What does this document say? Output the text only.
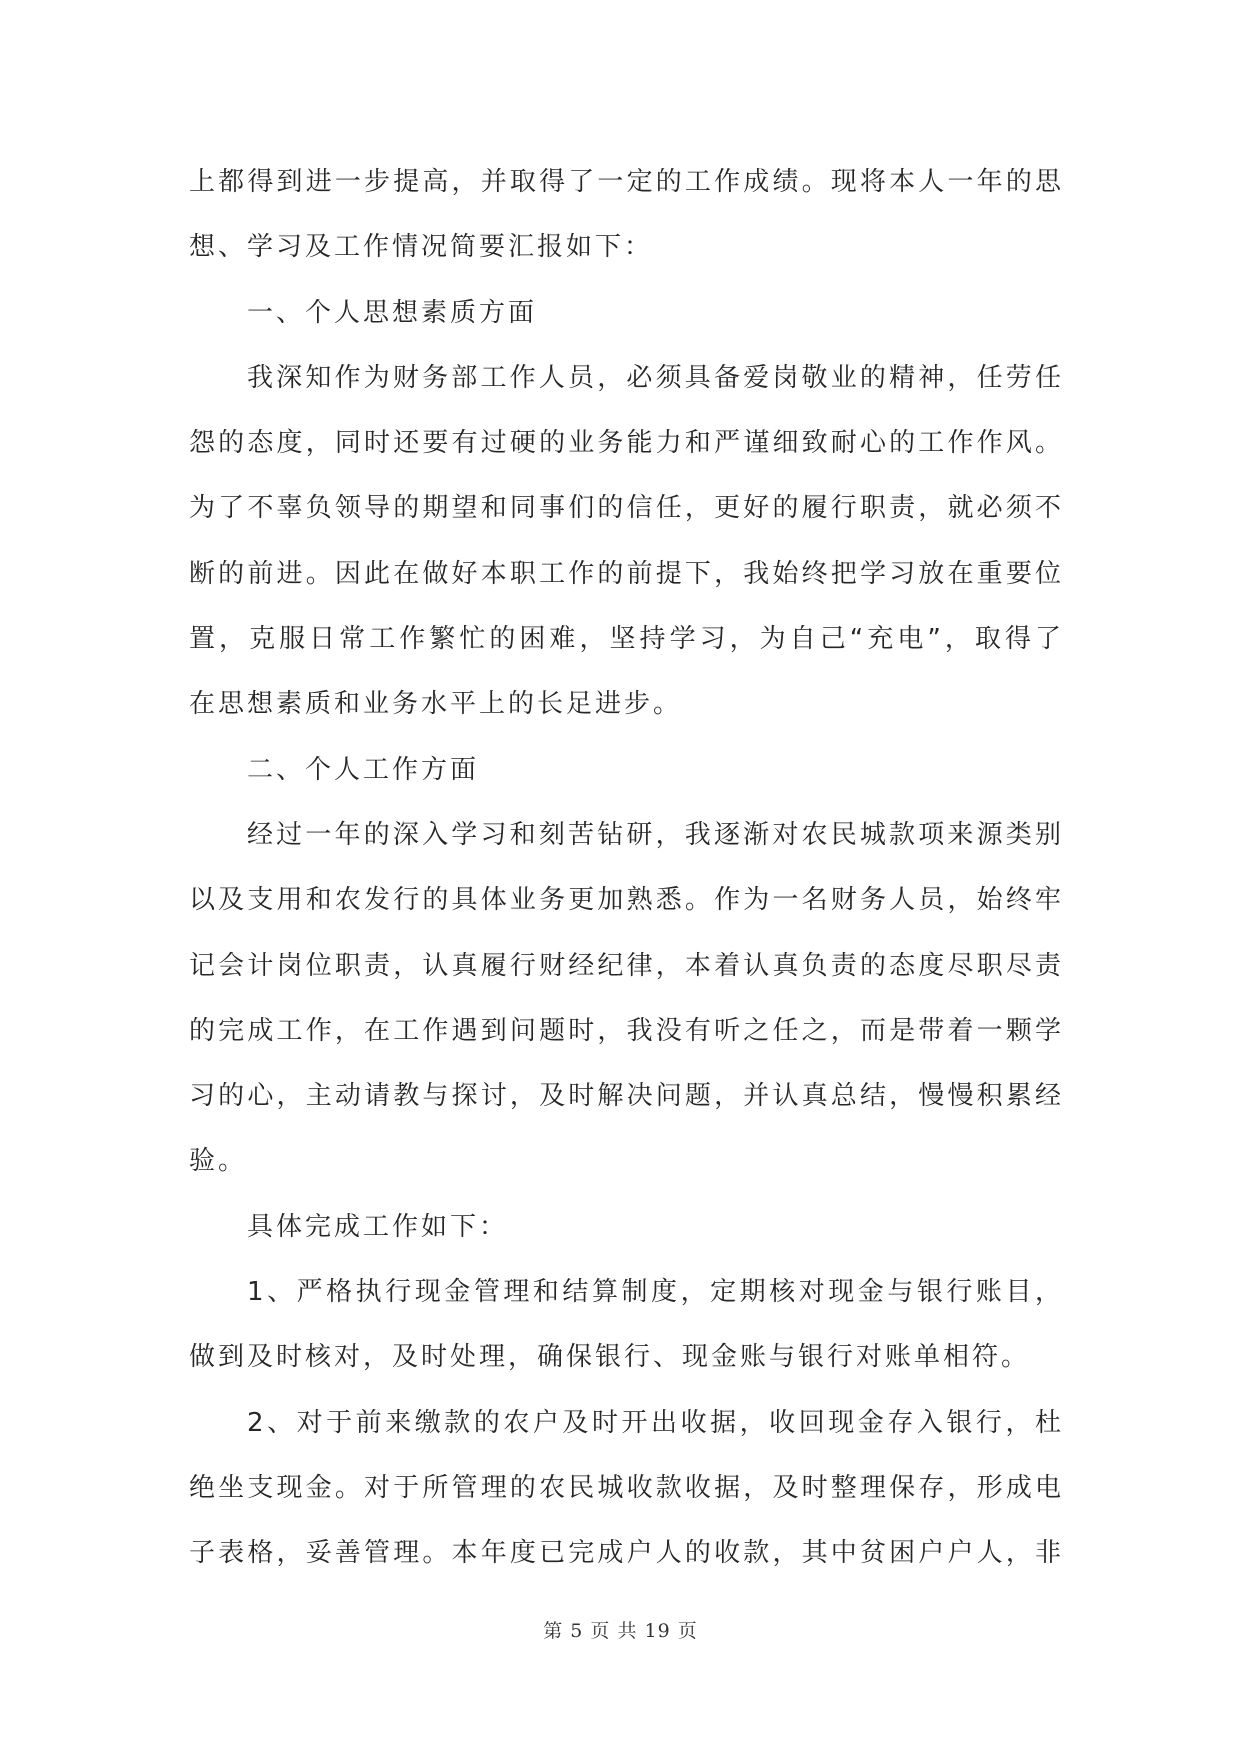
上都得到进一步提高，并取得了一定的工作成绩。现将本人一年的思
想、学习及工作情况简要汇报如下：
一、个人思想素质方面
我深知作为财务部工作人员，必须具备爱岗敬业的精神，任劳任
怨的态度，同时还要有过硬的业务能力和严谨细致耐心的工作作风。
为了不辜负领导的期望和同事们的信任，更好的履行职责，就必须不
断的前进。因此在做好本职工作的前提下，我始终把学习放在重要位
置，克服日常工作繁忙的困难，坚持学习，为自己“充电”，取得了
在思想素质和业务水平上的长足进步。
二、个人工作方面
经过一年的深入学习和刻苦钻研，我逐渐对农民城款项来源类别
以及支用和农发行的具体业务更加熟悉。作为一名财务人员，始终牢
记会计岗位职责，认真履行财经纪律，本着认真负责的态度尽职尽责
的完成工作，在工作遇到问题时，我没有听之任之，而是带着一颗学
习的心，主动请教与探讨，及时解决问题，并认真总结，慢慢积累经
验。
具体完成工作如下：
1、严格执行现金管理和结算制度，定期核对现金与银行账目，
做到及时核对，及时处理，确保银行、现金账与银行对账单相符。
2、对于前来缴款的农户及时开出收据，收回现金存入银行，杜
绝坐支现金。对于所管理的农民城收款收据，及时整理保存，形成电
子表格，妥善管理。本年度已完成户人的收款，其中贫困户户人，非
第 5 页 共 19 页
